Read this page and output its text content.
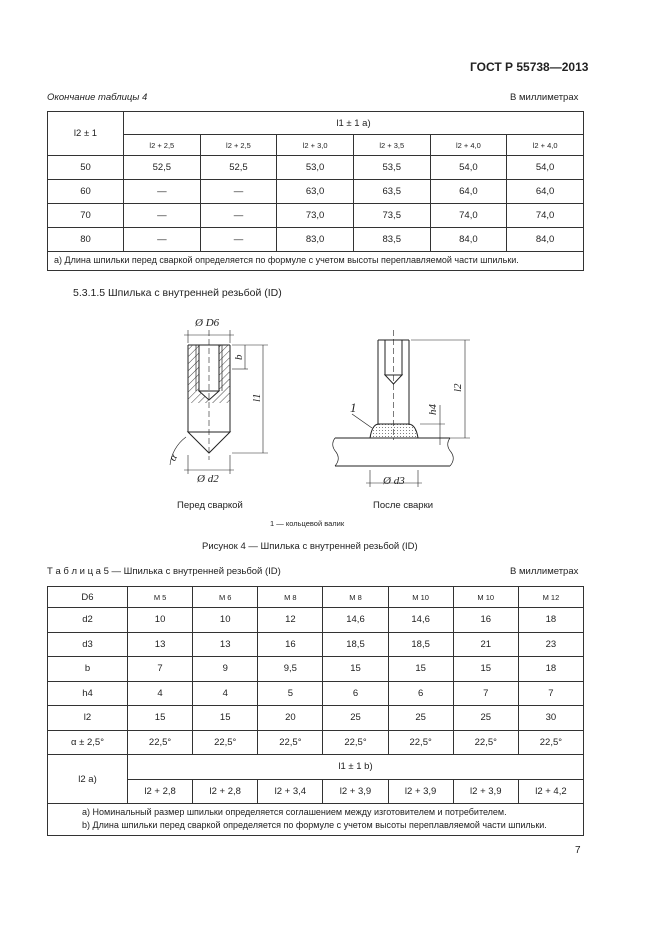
ГОСТ Р 55738—2013
Окончание таблицы 4	В миллиметрах
l2 ± 1	l1 ± 1 a)					
	l2 + 2,5	l2 + 2,5	l2 + 3,0	l2 + 3,5	l2 + 4,0	l2 + 4,0
50	52,5	52,5	53,0	53,5	54,0	54,0
60	—	—	63,0	63,5	64,0	64,0
70	—	—	73,0	73,5	74,0	74,0
80	—	—	83,0	83,5	84,0	84,0
a) Длина шпильки перед сваркой определяется по формуле с учетом высоты переплавляемой части шпильки.						
5.3.1.5 Шпилька с внутренней резьбой (ID)
Ø D6
b
l1
Ø d2
α
Ø d3
l2
h4
1
Перед сваркой	После сварки
1 — кольцевой валик
Рисунок 4 — Шпилька с внутренней резьбой (ID)
Т а б л и ц а 5 — Шпилька с внутренней резьбой (ID)	В миллиметрах
D6	M 5	M 6	M 8	M 8	M 10	M 10	M 12
d2	10	10	12	14,6	14,6	16	18
d3	13	13	16	18,5	18,5	21	23
b	7	9	9,5	15	15	15	18
h4	4	4	5	6	6	7	7
l2	15	15	20	25	25	25	30
α ± 2,5°	22,5°	22,5°	22,5°	22,5°	22,5°	22,5°	22,5°
l2 a)	l1 ± 1 b)						
	l2 + 2,8	l2 + 2,8	l2 + 3,4	l2 + 3,9	l2 + 3,9	l2 + 3,9	l2 + 4,2

а) Номинальный размер шпильки определяется соглашением между изготовителем и потребителем.
b) Длина шпильки перед сваркой определяется по формуле с учетом высоты переплавляемой части шпильки.							
7
